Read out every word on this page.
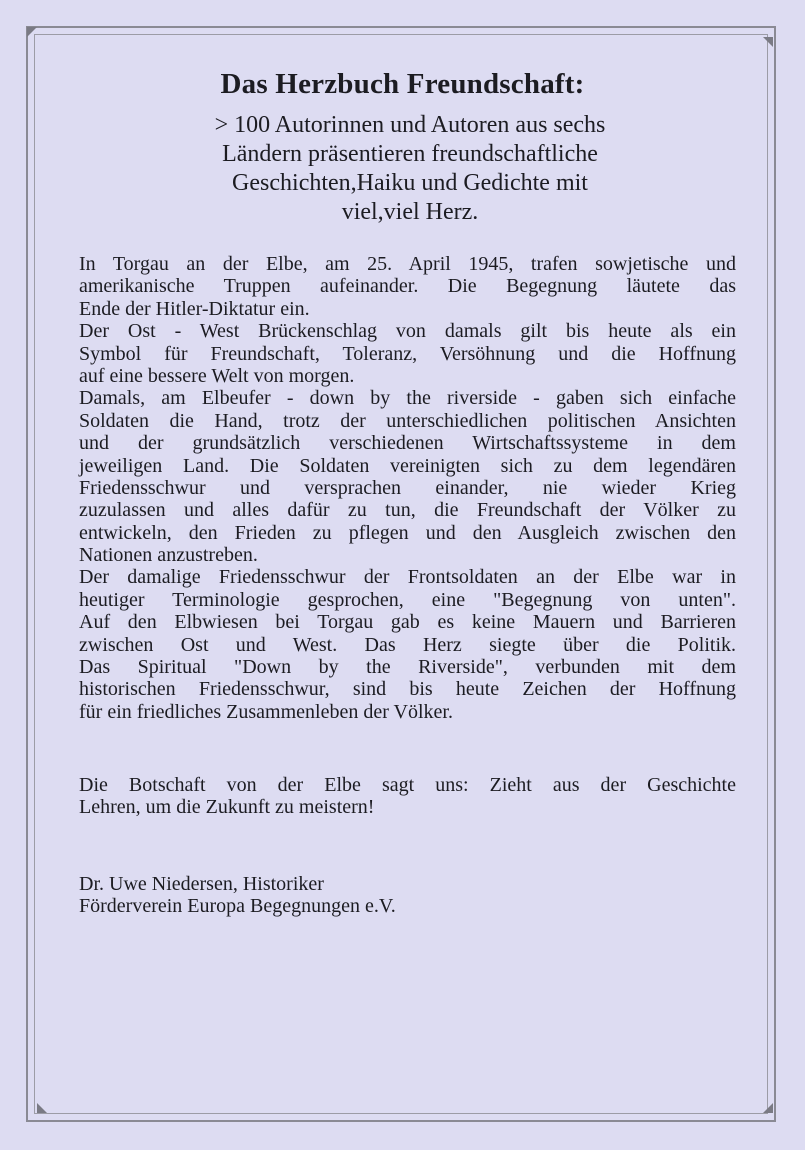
Das Herzbuch Freundschaft:
> 100 Autorinnen und Autoren aus sechs
Ländern präsentieren freundschaftliche
Geschichten,Haiku und Gedichte mit
viel,viel Herz.
In Torgau an der Elbe, am 25. April 1945, trafen sowjetische und
amerikanische Truppen aufeinander. Die Begegnung läutete das
Ende der Hitler-Diktatur ein.
Der Ost - West Brückenschlag von damals gilt bis heute als ein
Symbol für Freundschaft, Toleranz, Versöhnung und die Hoffnung
auf eine bessere Welt von morgen.
Damals, am Elbeufer - down by the riverside - gaben sich einfache
Soldaten die Hand, trotz der unterschiedlichen politischen Ansichten
und der grundsätzlich verschiedenen Wirtschaftssysteme in dem
jeweiligen Land. Die Soldaten vereinigten sich zu dem legendären
Friedensschwur und versprachen einander, nie wieder Krieg
zuzulassen und alles dafür zu tun, die Freundschaft der Völker zu
entwickeln, den Frieden zu pflegen und den Ausgleich zwischen den
Nationen anzustreben.
Der damalige Friedensschwur der Frontsoldaten an der Elbe war in
heutiger Terminologie gesprochen, eine "Begegnung von unten".
Auf den Elbwiesen bei Torgau gab es keine Mauern und Barrieren
zwischen Ost und West. Das Herz siegte über die Politik.
Das Spiritual "Down by the Riverside", verbunden mit dem
historischen Friedensschwur, sind bis heute Zeichen der Hoffnung
für ein friedliches Zusammenleben der Völker.
Die Botschaft von der Elbe sagt uns: Zieht aus der Geschichte
Lehren, um die Zukunft zu meistern!
Dr. Uwe Niedersen, Historiker
Förderverein Europa Begegnungen e.V.
